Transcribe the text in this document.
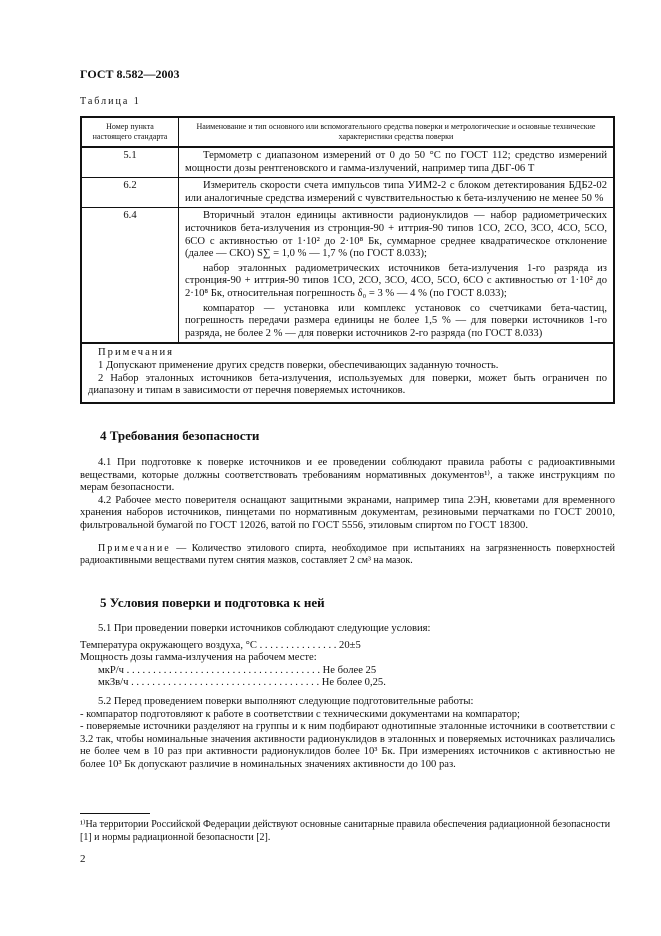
ГОСТ 8.582—2003
Таблица 1
Номер пункта настоящего стандарта	Наименование и тип основного или вспомогательного средства поверки и метрологические и основные технические характеристики средства поверки
5.1	Термометр с диапазоном измерений от 0 до 50 °С по ГОСТ 112; средство измерений мощности дозы рентгеновского и гамма-излучений, например типа ДБГ-06 Т

6.2	Измеритель скорости счета импульсов типа УИМ2-2 с блоком детектирования БДБ2-02 или аналогичные средства измерений с чувствительностью к бета-излучению не менее 50 %

6.4	Вторичный эталон единицы активности радионуклидов — набор радиометрических источников бета-излучения из стронция-90 + иттрия-90 типов 1СО, 2СО, 3СО, 4СО, 5СО, 6СО с активностью от 1·10² до 2·10⁸ Бк, суммарное среднее квадратическое отклонение (далее — СКО) S∑ = 1,0 % — 1,7 % (по ГОСТ 8.033);

набор эталонных радиометрических источников бета-излучения 1-го разряда из стронция-90 + иттрия-90 типов 1СО, 2СО, 3СО, 4СО, 5СО, 6СО с активностью от 1·10² до 2·10⁸ Бк, относительная погрешность δ₀ = 3 % — 4 % (по ГОСТ 8.033);

компаратор — установка или комплекс установок со счетчиками бета-частиц, погрешность передачи размера единицы не более 1,5 % — для поверки источников 1-го разряда, не более 2 % — для поверки источников 2-го разряда (по ГОСТ 8.033)

Примечания

1 Допускают применение других средств поверки, обеспечивающих заданную точность.

2 Набор эталонных источников бета-излучения, используемых для поверки, может быть ограничен по диапазону и типам в зависимости от перечня поверяемых источников.	

4 Требования безопасности

4.1 При подготовке к поверке источников и ее проведении соблюдают правила работы с радиоактивными веществами, которые должны соответствовать требованиям нормативных документов¹⁾, а также инструкциям по мерам безопасности.

4.2 Рабочее место поверителя оснащают защитными экранами, например типа 2ЭН, кюветами для временного хранения наборов источников, пинцетами по нормативным документам, резиновыми перчатками по ГОСТ 20010, фильтровальной бумагой по ГОСТ 12026, ватой по ГОСТ 5556, этиловым спиртом по ГОСТ 18300.

Примечание — Количество этилового спирта, необходимое при испытаниях на загрязненность поверхностей радиоактивными веществами путем снятия мазков, составляет 2 см³ на мазок.

5 Условия поверки и подготовка к ней

5.1 При проведении поверки источников соблюдают следующие условия:

Температура окружающего воздуха, °С . . . . . . . . . . . . . . . 20±5
Мощность дозы гамма-излучения на рабочем месте:
мкР/ч . . . . . . . . . . . . . . . . . . . . . . . . . . . . . . . . . . . . . Не более 25
мкЗв/ч . . . . . . . . . . . . . . . . . . . . . . . . . . . . . . . . . . . . Не более 0,25.

5.2 Перед проведением поверки выполняют следующие подготовительные работы:

- компаратор подготовляют к работе в соответствии с техническими документами на компаратор;

- поверяемые источники разделяют на группы и к ним подбирают однотипные эталонные источники в соответствии с 3.2 так, чтобы номинальные значения активности радионуклидов в эталонных и поверяемых источниках различались не более чем в 10 раз при активности радионуклидов более 10³ Бк. При измерениях источников с активностью не более 10³ Бк допускают различие в номинальных значениях активности до 100 раз.

¹⁾На территории Российской Федерации действуют основные санитарные правила обеспечения радиационной безопасности [1] и нормы радиационной безопасности [2].
2
